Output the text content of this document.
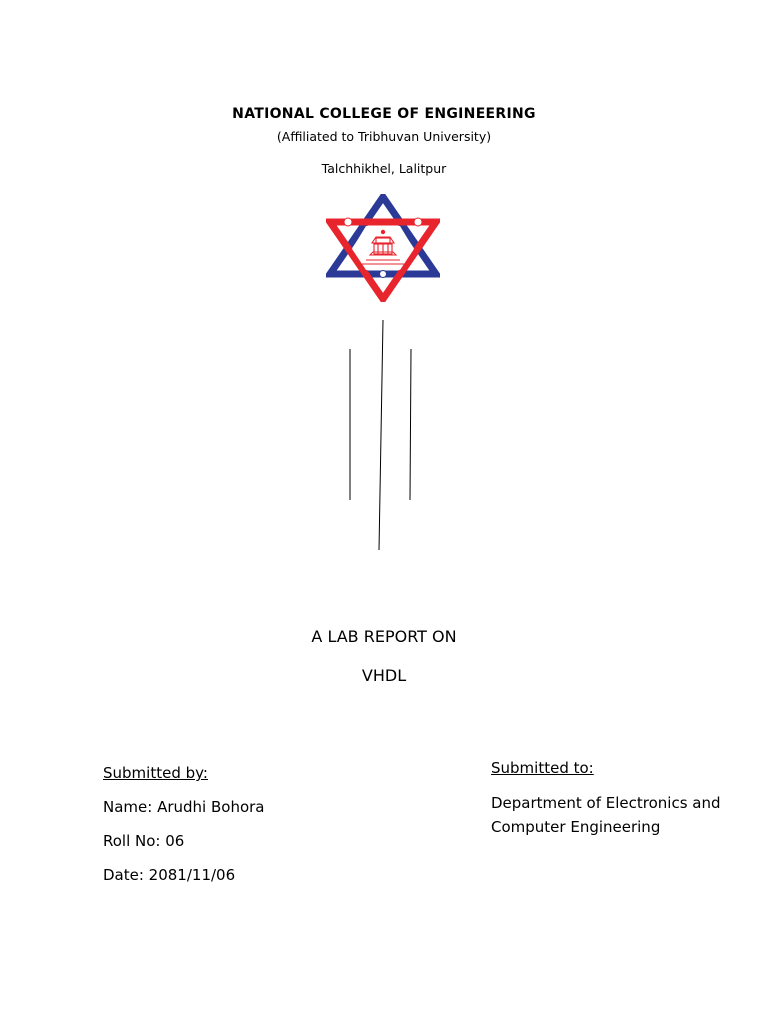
NATIONAL COLLEGE OF ENGINEERING
(Affiliated to Tribhuvan University)
Talchhikhel, Lalitpur
A LAB REPORT ON
VHDL
Submitted by:
Name: Arudhi Bohora
Roll No: 06
Date: 2081/11/06
Submitted to:
Department of Electronics and Computer Engineering
